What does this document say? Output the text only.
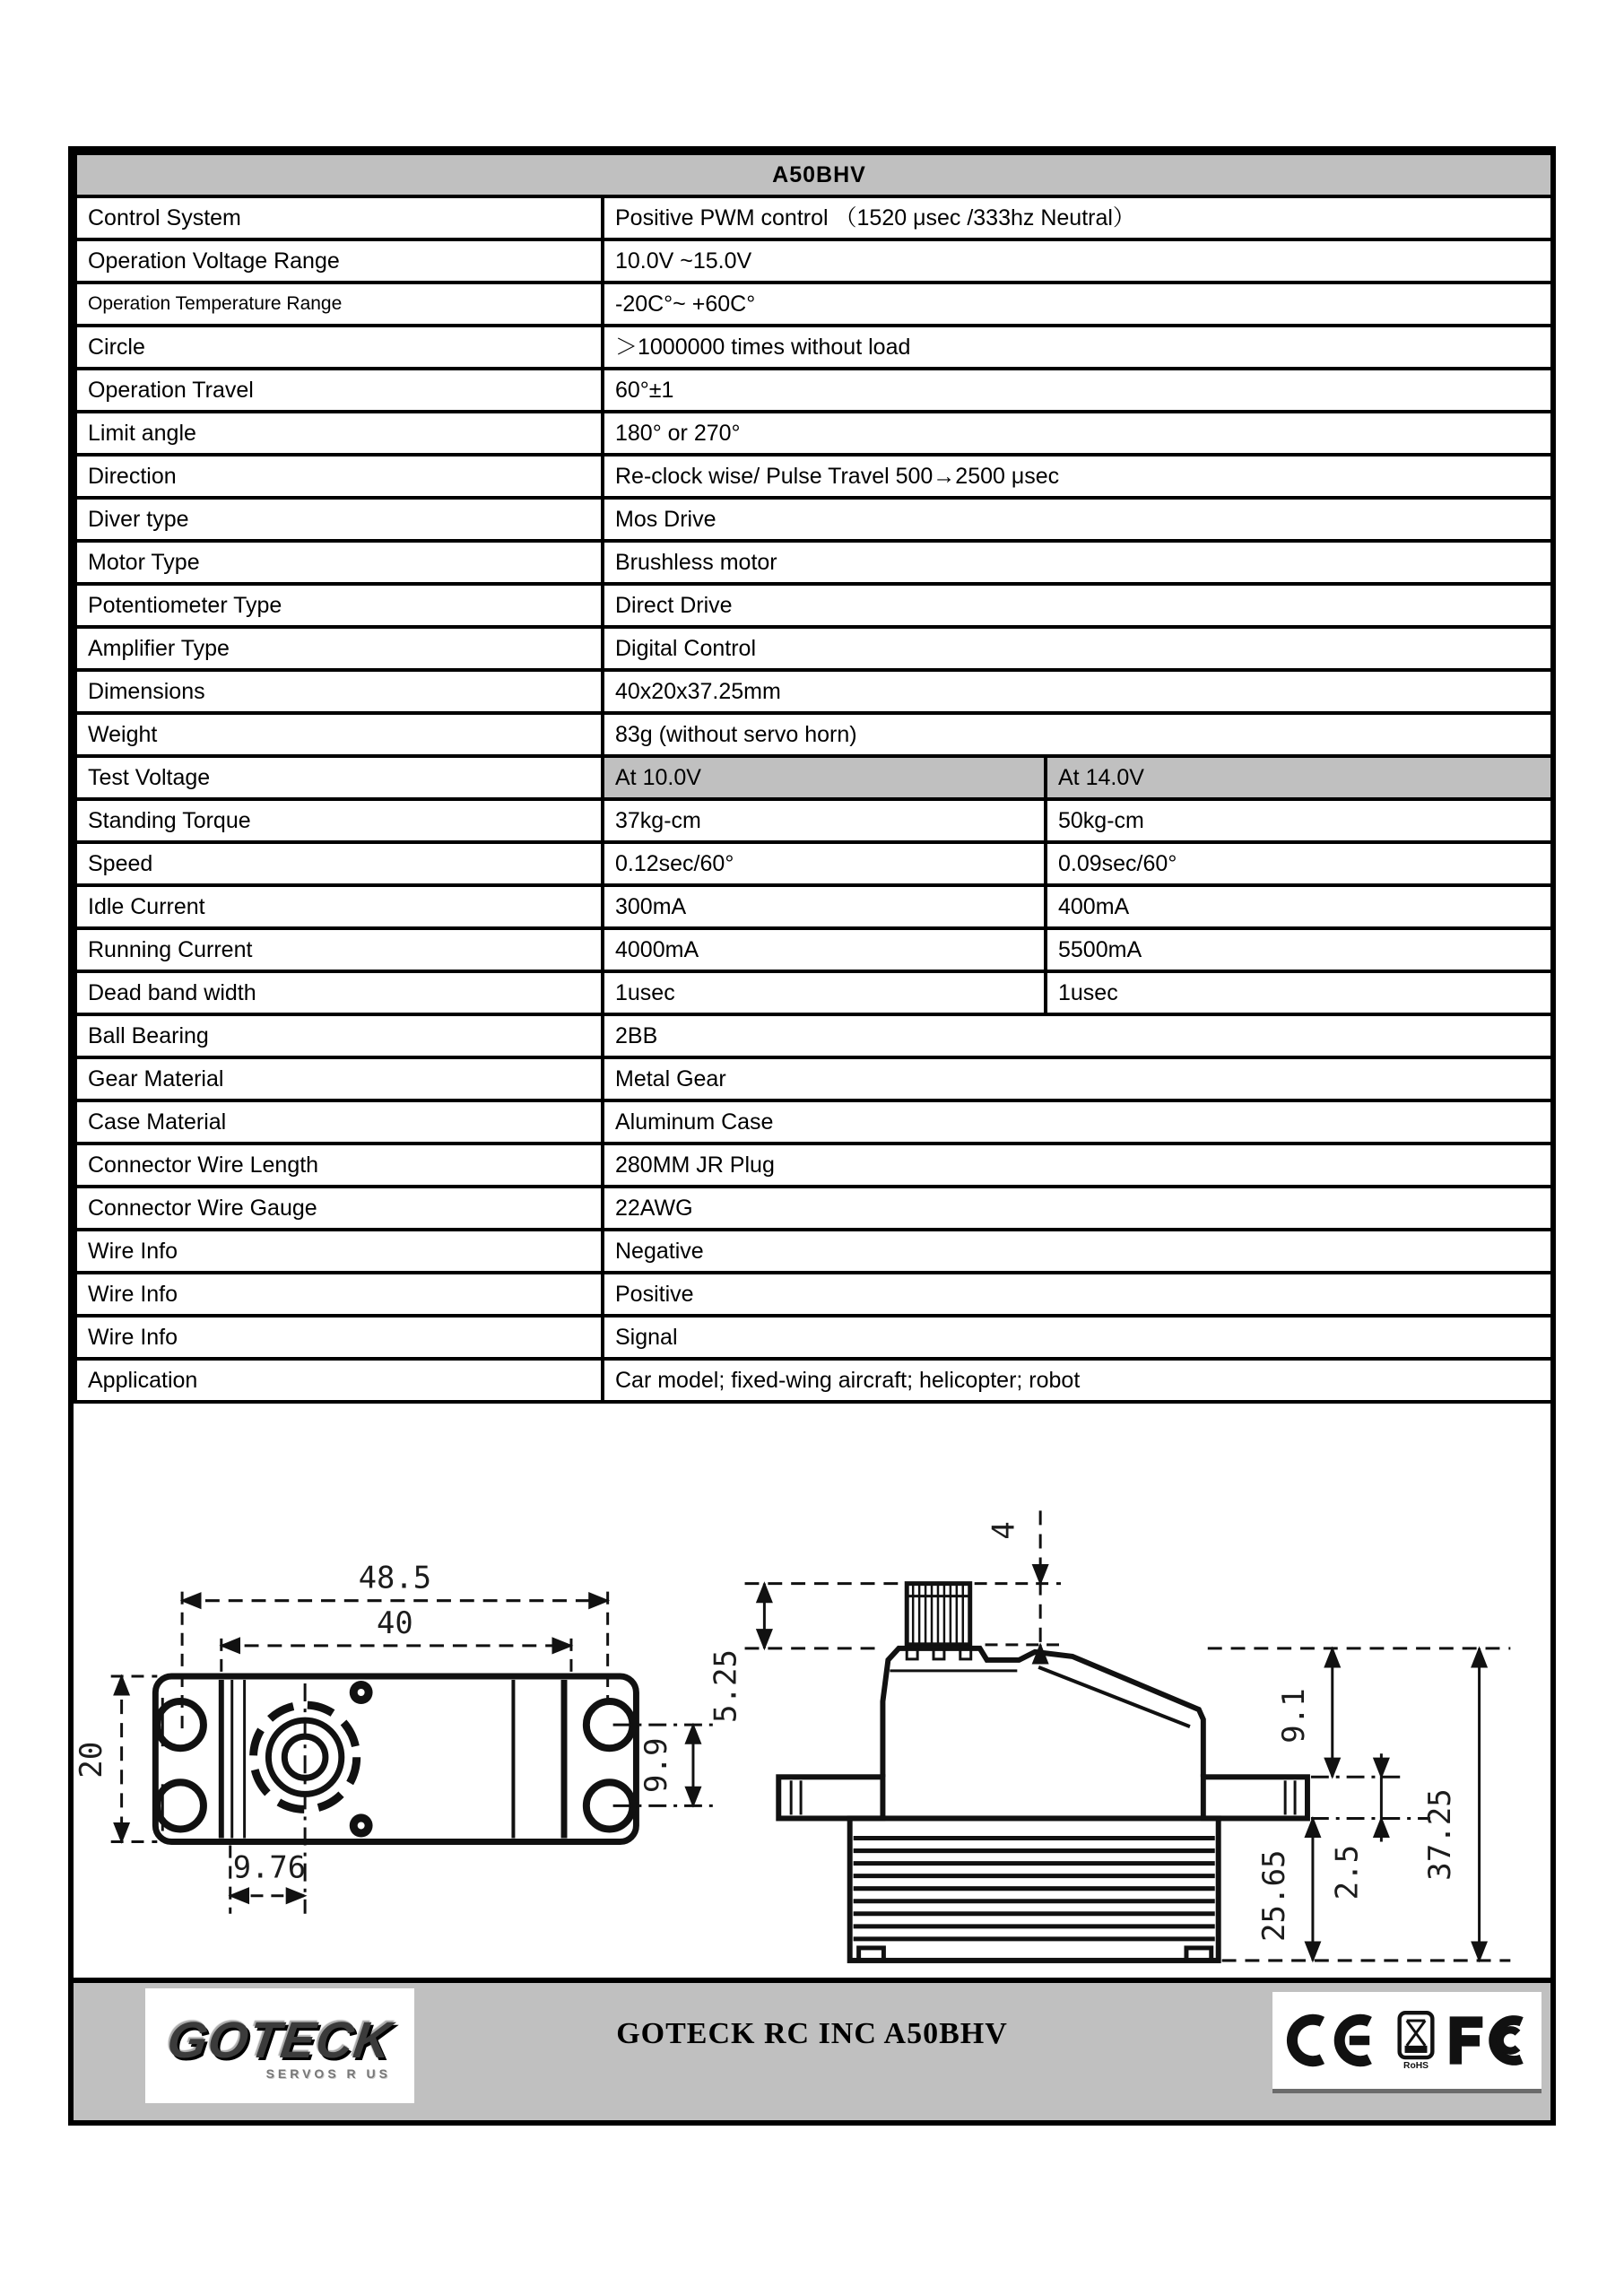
A50BHV		
Control System	Positive PWM control （1520 μsec /333hz Neutral）	
Operation Voltage Range	10.0V ~15.0V	
Operation Temperature Range	-20C°~ +60C°	
Circle	＞1000000 times without load	
Operation Travel	60°±1	
Limit angle	180° or 270°	
Direction	Re-clock wise/ Pulse Travel 500→2500 μsec	
Diver type	Mos Drive	
Motor Type	Brushless motor	
Potentiometer Type	Direct Drive	
Amplifier Type	Digital Control	
Dimensions	40x20x37.25mm	
Weight	83g (without servo horn)	
Test Voltage	At 10.0V	At 14.0V
Standing Torque	37kg-cm	50kg-cm
Speed	0.12sec/60°	0.09sec/60°
Idle Current	300mA	400mA
Running Current	4000mA	5500mA
Dead band width	1usec	1usec
Ball Bearing	2BB	
Gear Material	Metal Gear	
Case Material	Aluminum Case	
Connector Wire Length	280MM JR Plug	
Connector Wire Gauge	22AWG	
Wire Info	Negative	
Wire Info	Positive	
Wire Info	Signal	
Application	Car model; fixed-wing aircraft; helicopter; robot	
48.5
40
20	9.9
9.76
5.25
4
9.1
2.5
25.65
37.25
GOTECK
SERVOS R US
GOTECK RC INC A50BHV
RoHS
